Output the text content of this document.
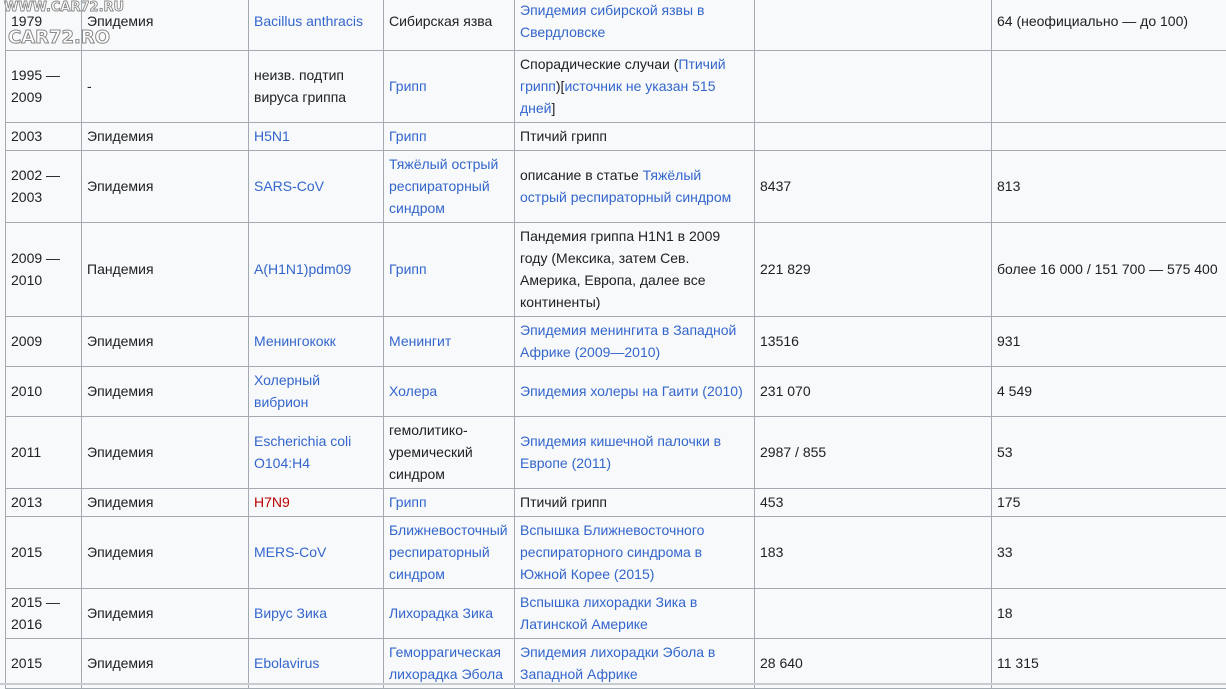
WWW.CAR72.RU
CAR72.RO
1979	Эпидемия	Bacillus anthracis	Сибирская язва	Эпидемия сибирской язвы в Свердловске		64 (неофициально — до 100)
1995 — 2009	-	неизв. подтип вируса гриппа	Грипп	Спорадические случаи (Птичий грипп)[источник не указан 515 дней]		
2003	Эпидемия	H5N1	Грипп	Птичий грипп		
2002 — 2003	Эпидемия	SARS-CoV	Тяжёлый острый респираторный синдром	описание в статье Тяжёлый острый респираторный синдром	8437	813
2009 — 2010	Пандемия	A(H1N1)pdm09	Грипп	Пандемия гриппа H1N1 в 2009 году (Мексика, затем Сев. Америка, Европа, далее все континенты)	221 829	более 16 000 / 151 700 — 575 400
2009	Эпидемия	Менингококк	Менингит	Эпидемия менингита в Западной Африке (2009—2010)	13516	931
2010	Эпидемия	Холерный вибрион	Холера	Эпидемия холеры на Гаити (2010)	231 070	4 549
2011	Эпидемия	Escherichia coli O104:H4	гемолитико-уремический синдром	Эпидемия кишечной палочки в Европе (2011)	2987 / 855	53
2013	Эпидемия	H7N9	Грипп	Птичий грипп	453	175
2015	Эпидемия	MERS-CoV	Ближневосточный респираторный синдром	Вспышка Ближневосточного респираторного синдрома в Южной Корее (2015)	183	33
2015 — 2016	Эпидемия	Вирус Зика	Лихорадка Зика	Вспышка лихорадки Зика в Латинской Америке		18
2015	Эпидемия	Ebolavirus	Геморрагическая лихорадка Эбола	Эпидемия лихорадки Эбола в Западной Африке	28 640	11 315
